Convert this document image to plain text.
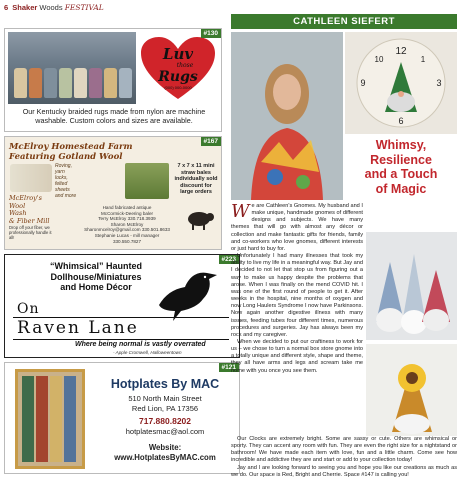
6 Shaker Woods FESTIVAL
Luv
those
Rugs
(000) 000-0000
#130
Our Kentucky braided rugs made from nylon are machine washable. Custom colors and sizes are available.
McElroy Homestead Farm
Featuring Gotland Wool
#167
Roving,
yarn
locks,
felted
sheets
and more
7 x 7 x 11 mini straw bales individually sold discount for large orders
McElroy's
Wool
Wash
& Fiber Mill
Drop off your fiber, we professionally handle it all!
Hand fabricated antique
McCormick-Deering baler
Terry McElroy 330.718.3939
Sharon McElroy
Sharonmcelroy@gmail.com 330.501.8633
Stephanie Lucas - mill manager
330.550.7827
“Whimsical” Haunted
Dollhouse/Miniatures
and Home Décor
#223
On
Raven Lane
Where being normal is vastly overrated
- Apple Cromwell, Halloweentown
#121
Hotplates By MAC
510 North Main Street
Red Lion, PA 17356
717.880.8202
hotplatesmac@aol.com
Website:
www.HotplatesByMAC.com
CATHLEEN SIEFERT
12
3
6
9
10	1
Whimsy,
Resilience
and a Touch
of Magic

We are Cathleen's Gnomes. My husband and I make unique, handmade gnomes of different designs and subjects. We have many themes that will go with almost any décor or collection and make fantastic gifts for friends, family and co-workers who love gnomes, different interests or just hard to buy for.

Unfortunately I had many illnesses that took my ability to live my life in a meaningful way. But Jay and I decided to not let that stop us from figuring out a way to make us happy despite the problems that arose. When I was finally on the mend COVID hit. I was one of the first round of people to get it. After weeks in the hospital, nine months of oxygen and now Long Haulers Syndrome I now have Parkinsons. Now again another digestive illness with many issues, feeding tubes four different times, numerous procedures and surgeries. Jay has always been my rock and my caregiver.

When we decided to put our craftiness to work for us – we chose to turn a normal box store gnome into a totally unique and different style, shape and theme, they all have arms and legs and scream take me home with you once you see them.

Our Clocks are extremely bright. Some are sassy or cute. Others are whimsical or sporty. They can accent any room with fun. They are even the right size for a nightstand or bathroom! We have made each item with love, fun and a little charm. Come see how incredible and addictive they are and start or add to your collection today!

Jay and I are looking forward to seeing you and hope you like our creations as much as we do. Our space is Red, Bright and Cherrie. Space #147 is calling you!
